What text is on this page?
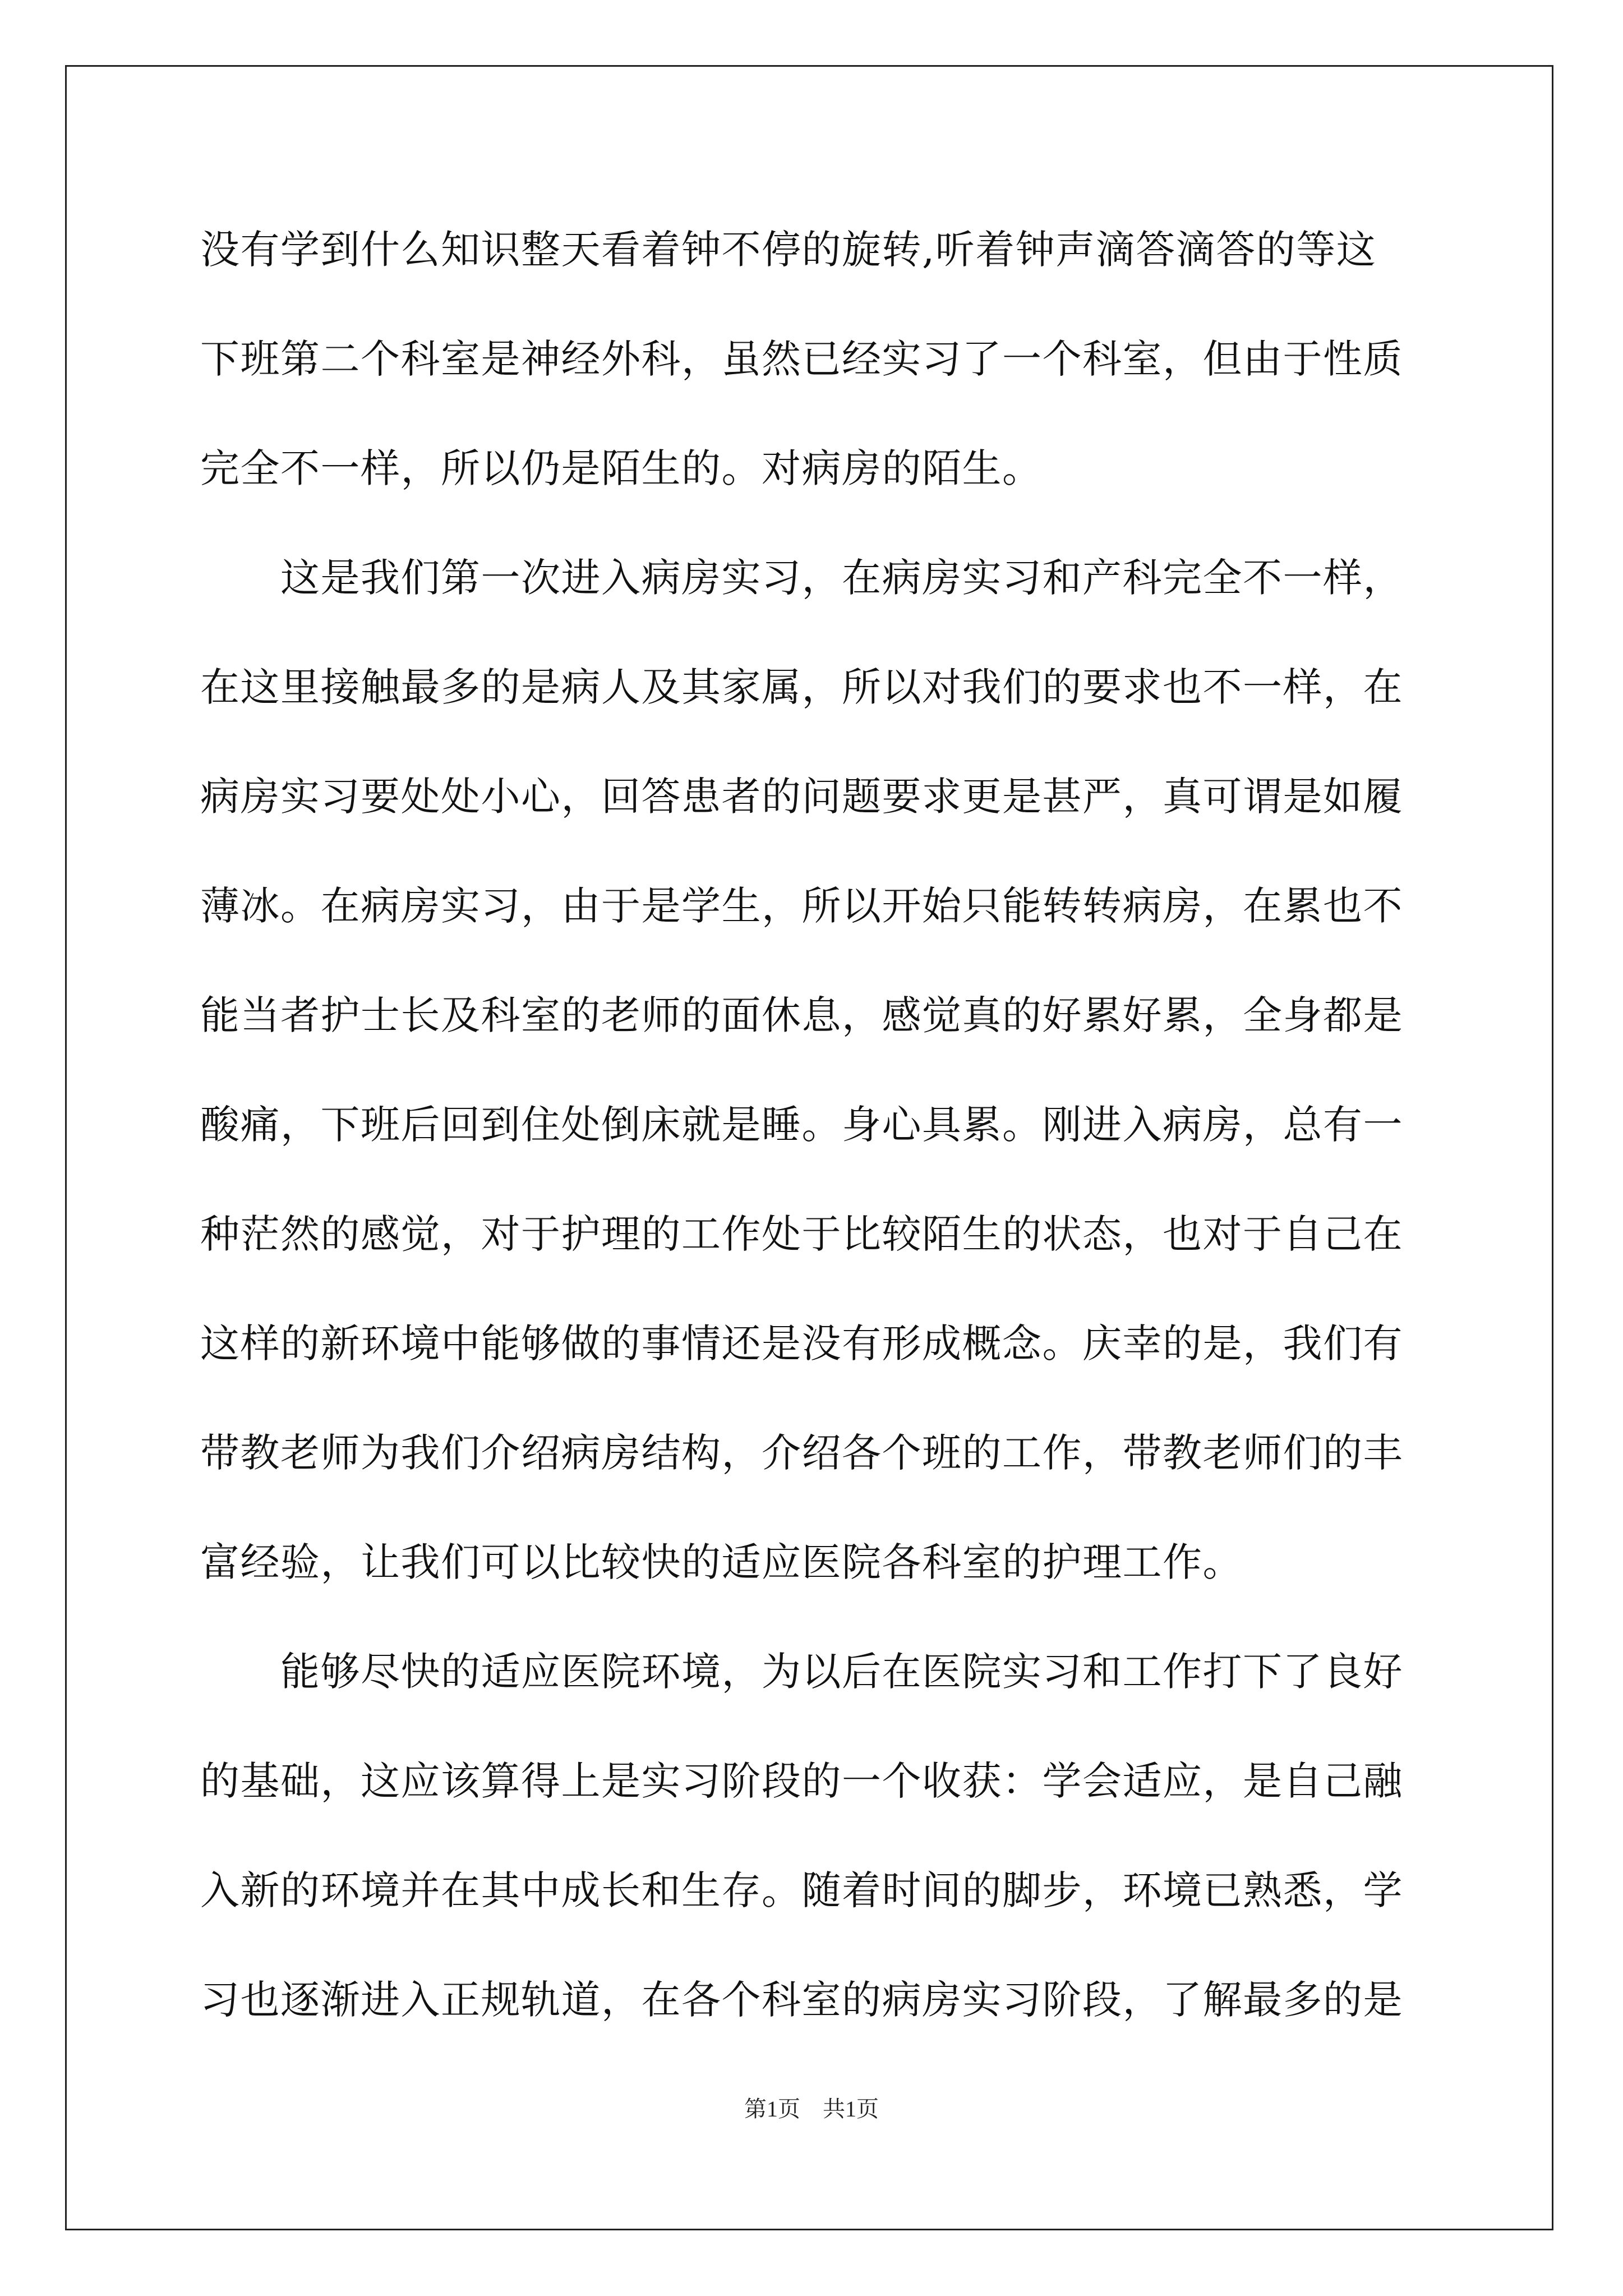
没有学到什么知识整天看着钟不停的旋转,听着钟声滴答滴答的等这
下班第二个科室是神经外科，虽然已经实习了一个科室，但由于性质
完全不一样，所以仍是陌生的。对病房的陌生。
　　这是我们第一次进入病房实习，在病房实习和产科完全不一样，
在这里接触最多的是病人及其家属，所以对我们的要求也不一样，在
病房实习要处处小心，回答患者的问题要求更是甚严，真可谓是如履
薄冰。在病房实习，由于是学生，所以开始只能转转病房，在累也不
能当者护士长及科室的老师的面休息，感觉真的好累好累，全身都是
酸痛，下班后回到住处倒床就是睡。身心具累。刚进入病房，总有一
种茫然的感觉，对于护理的工作处于比较陌生的状态，也对于自己在
这样的新环境中能够做的事情还是没有形成概念。庆幸的是，我们有
带教老师为我们介绍病房结构，介绍各个班的工作，带教老师们的丰
富经验，让我们可以比较快的适应医院各科室的护理工作。
　　能够尽快的适应医院环境，为以后在医院实习和工作打下了良好
的基础，这应该算得上是实习阶段的一个收获：学会适应，是自己融
入新的环境并在其中成长和生存。随着时间的脚步，环境已熟悉，学
习也逐渐进入正规轨道，在各个科室的病房实习阶段，了解最多的是
第1页　共1页
